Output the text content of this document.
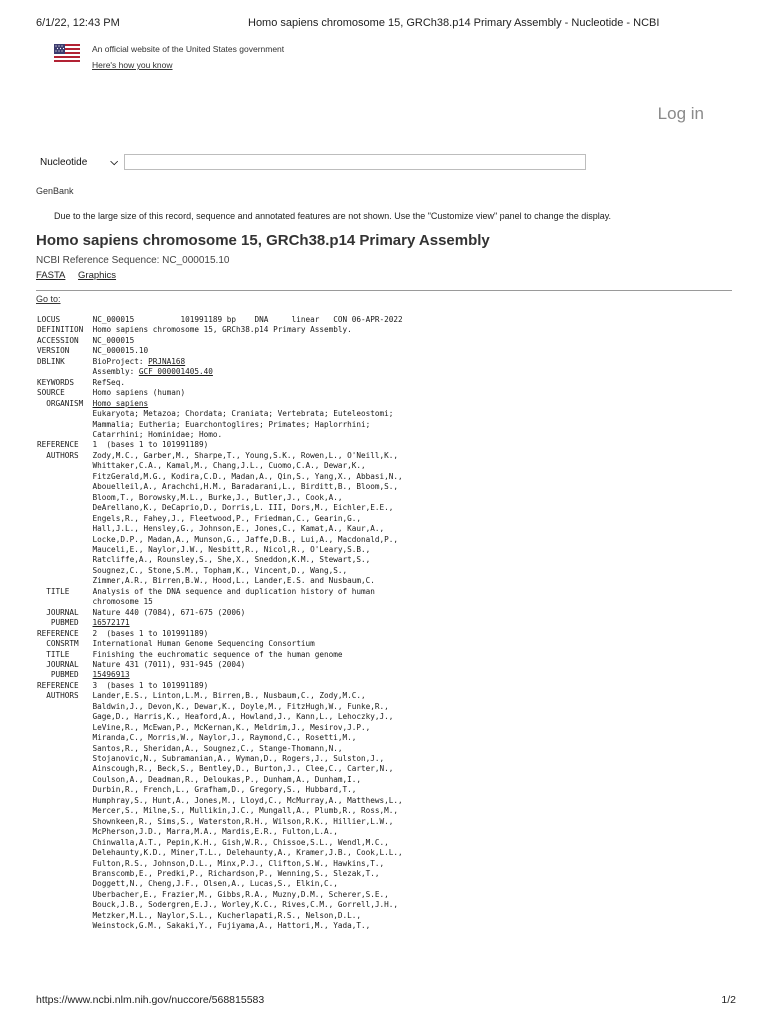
6/1/22, 12:43 PM	Homo sapiens chromosome 15, GRCh38.p14 Primary Assembly - Nucleotide - NCBI
An official website of the United States government
Here's how you know
Log in
Nucleotide ⌵
GenBank
Due to the large size of this record, sequence and annotated features are not shown. Use the "Customize view" panel to change the display.
Homo sapiens chromosome 15, GRCh38.p14 Primary Assembly
NCBI Reference Sequence: NC_000015.10
FASTA Graphics
Go to:
LOCUS	NC_000015          101991189 bp    DNA     linear   CON 06-APR-2022
DEFINITION Homo sapiens chromosome 15, GRCh38.p14 Primary Assembly.
ACCESSION NC_000015
VERSION	NC_000015.10
DBLINK	BioProject: PRJNA168
Assembly: GCF_000001405.40
KEYWORDS RefSeq.
SOURCE	Homo sapiens (human)
ORGANISM Homo sapiens
Eukaryota; Metazoa; Chordata; Craniata; Vertebrata; Euteleostomi;
Mammalia; Eutheria; Euarchontoglires; Primates; Haplorrhini;
Catarrhini; Hominidae; Homo.
REFERENCE 1  (bases 1 to 101991189)
AUTHORS Zody,M.C., Garber,M., Sharpe,T., Young,S.K., Rowen,L., O'Neill,K.,
Whittaker,C.A., Kamal,M., Chang,J.L., Cuomo,C.A., Dewar,K.,
FitzGerald,M.G., Kodira,C.D., Madan,A., Qin,S., Yang,X., Abbasi,N.,
Abouelleil,A., Arachchi,H.M., Baradarani,L., Birditt,B., Bloom,S.,
Bloom,T., Borowsky,M.L., Burke,J., Butler,J., Cook,A.,
DeArellano,K., DeCaprio,D., Dorris,L. III, Dors,M., Eichler,E.E.,
Engels,R., Fahey,J., Fleetwood,P., Friedman,C., Gearin,G.,
Hall,J.L., Hensley,G., Johnson,E., Jones,C., Kamat,A., Kaur,A.,
Locke,D.P., Madan,A., Munson,G., Jaffe,D.B., Lui,A., Macdonald,P.,
Mauceli,E., Naylor,J.W., Nesbitt,R., Nicol,R., O'Leary,S.B.,
Ratcliffe,A., Rounsley,S., She,X., Sneddon,K.M., Stewart,S.,
Sougnez,C., Stone,S.M., Topham,K., Vincent,D., Wang,S.,
Zimmer,A.R., Birren,B.W., Hood,L., Lander,E.S. and Nusbaum,C.
TITLE	Analysis of the DNA sequence and duplication history of human
chromosome 15
JOURNAL Nature 440 (7084), 671-675 (2006)
PUBMED 16572171
REFERENCE 2  (bases 1 to 101991189)
CONSRTM International Human Genome Sequencing Consortium
TITLE	Finishing the euchromatic sequence of the human genome
JOURNAL Nature 431 (7011), 931-945 (2004)
PUBMED 15496913
REFERENCE 3  (bases 1 to 101991189)
AUTHORS Lander,E.S., Linton,L.M., Birren,B., Nusbaum,C., Zody,M.C.,
Baldwin,J., Devon,K., Dewar,K., Doyle,M., FitzHugh,W., Funke,R.,
Gage,D., Harris,K., Heaford,A., Howland,J., Kann,L., Lehoczky,J.,
LeVine,R., McEwan,P., McKernan,K., Meldrim,J., Mesirov,J.P.,
Miranda,C., Morris,W., Naylor,J., Raymond,C., Rosetti,M.,
Santos,R., Sheridan,A., Sougnez,C., Stange-Thomann,N.,
Stojanovic,N., Subramanian,A., Wyman,D., Rogers,J., Sulston,J.,
Ainscough,R., Beck,S., Bentley,D., Burton,J., Clee,C., Carter,N.,
Coulson,A., Deadman,R., Deloukas,P., Dunham,A., Dunham,I.,
Durbin,R., French,L., Grafham,D., Gregory,S., Hubbard,T.,
Humphray,S., Hunt,A., Jones,M., Lloyd,C., McMurray,A., Matthews,L.,
Mercer,S., Milne,S., Mullikin,J.C., Mungall,A., Plumb,R., Ross,M.,
Shownkeen,R., Sims,S., Waterston,R.H., Wilson,R.K., Hillier,L.W.,
McPherson,J.D., Marra,M.A., Mardis,E.R., Fulton,L.A.,
Chinwalla,A.T., Pepin,K.H., Gish,W.R., Chissoe,S.L., Wendl,M.C.,
Delehaunty,K.D., Miner,T.L., Delehaunty,A., Kramer,J.B., Cook,L.L.,
Fulton,R.S., Johnson,D.L., Minx,P.J., Clifton,S.W., Hawkins,T.,
Branscomb,E., Predki,P., Richardson,P., Wenning,S., Slezak,T.,
Doggett,N., Cheng,J.F., Olsen,A., Lucas,S., Elkin,C.,
Uberbacher,E., Frazier,M., Gibbs,R.A., Muzny,D.M., Scherer,S.E.,
Bouck,J.B., Sodergren,E.J., Worley,K.C., Rives,C.M., Gorrell,J.H.,
Metzker,M.L., Naylor,S.L., Kucherlapati,R.S., Nelson,D.L.,
Weinstock,G.M., Sakaki,Y., Fujiyama,A., Hattori,M., Yada,T.,

https://www.ncbi.nlm.nih.gov/nuccore/568815583	1/2
